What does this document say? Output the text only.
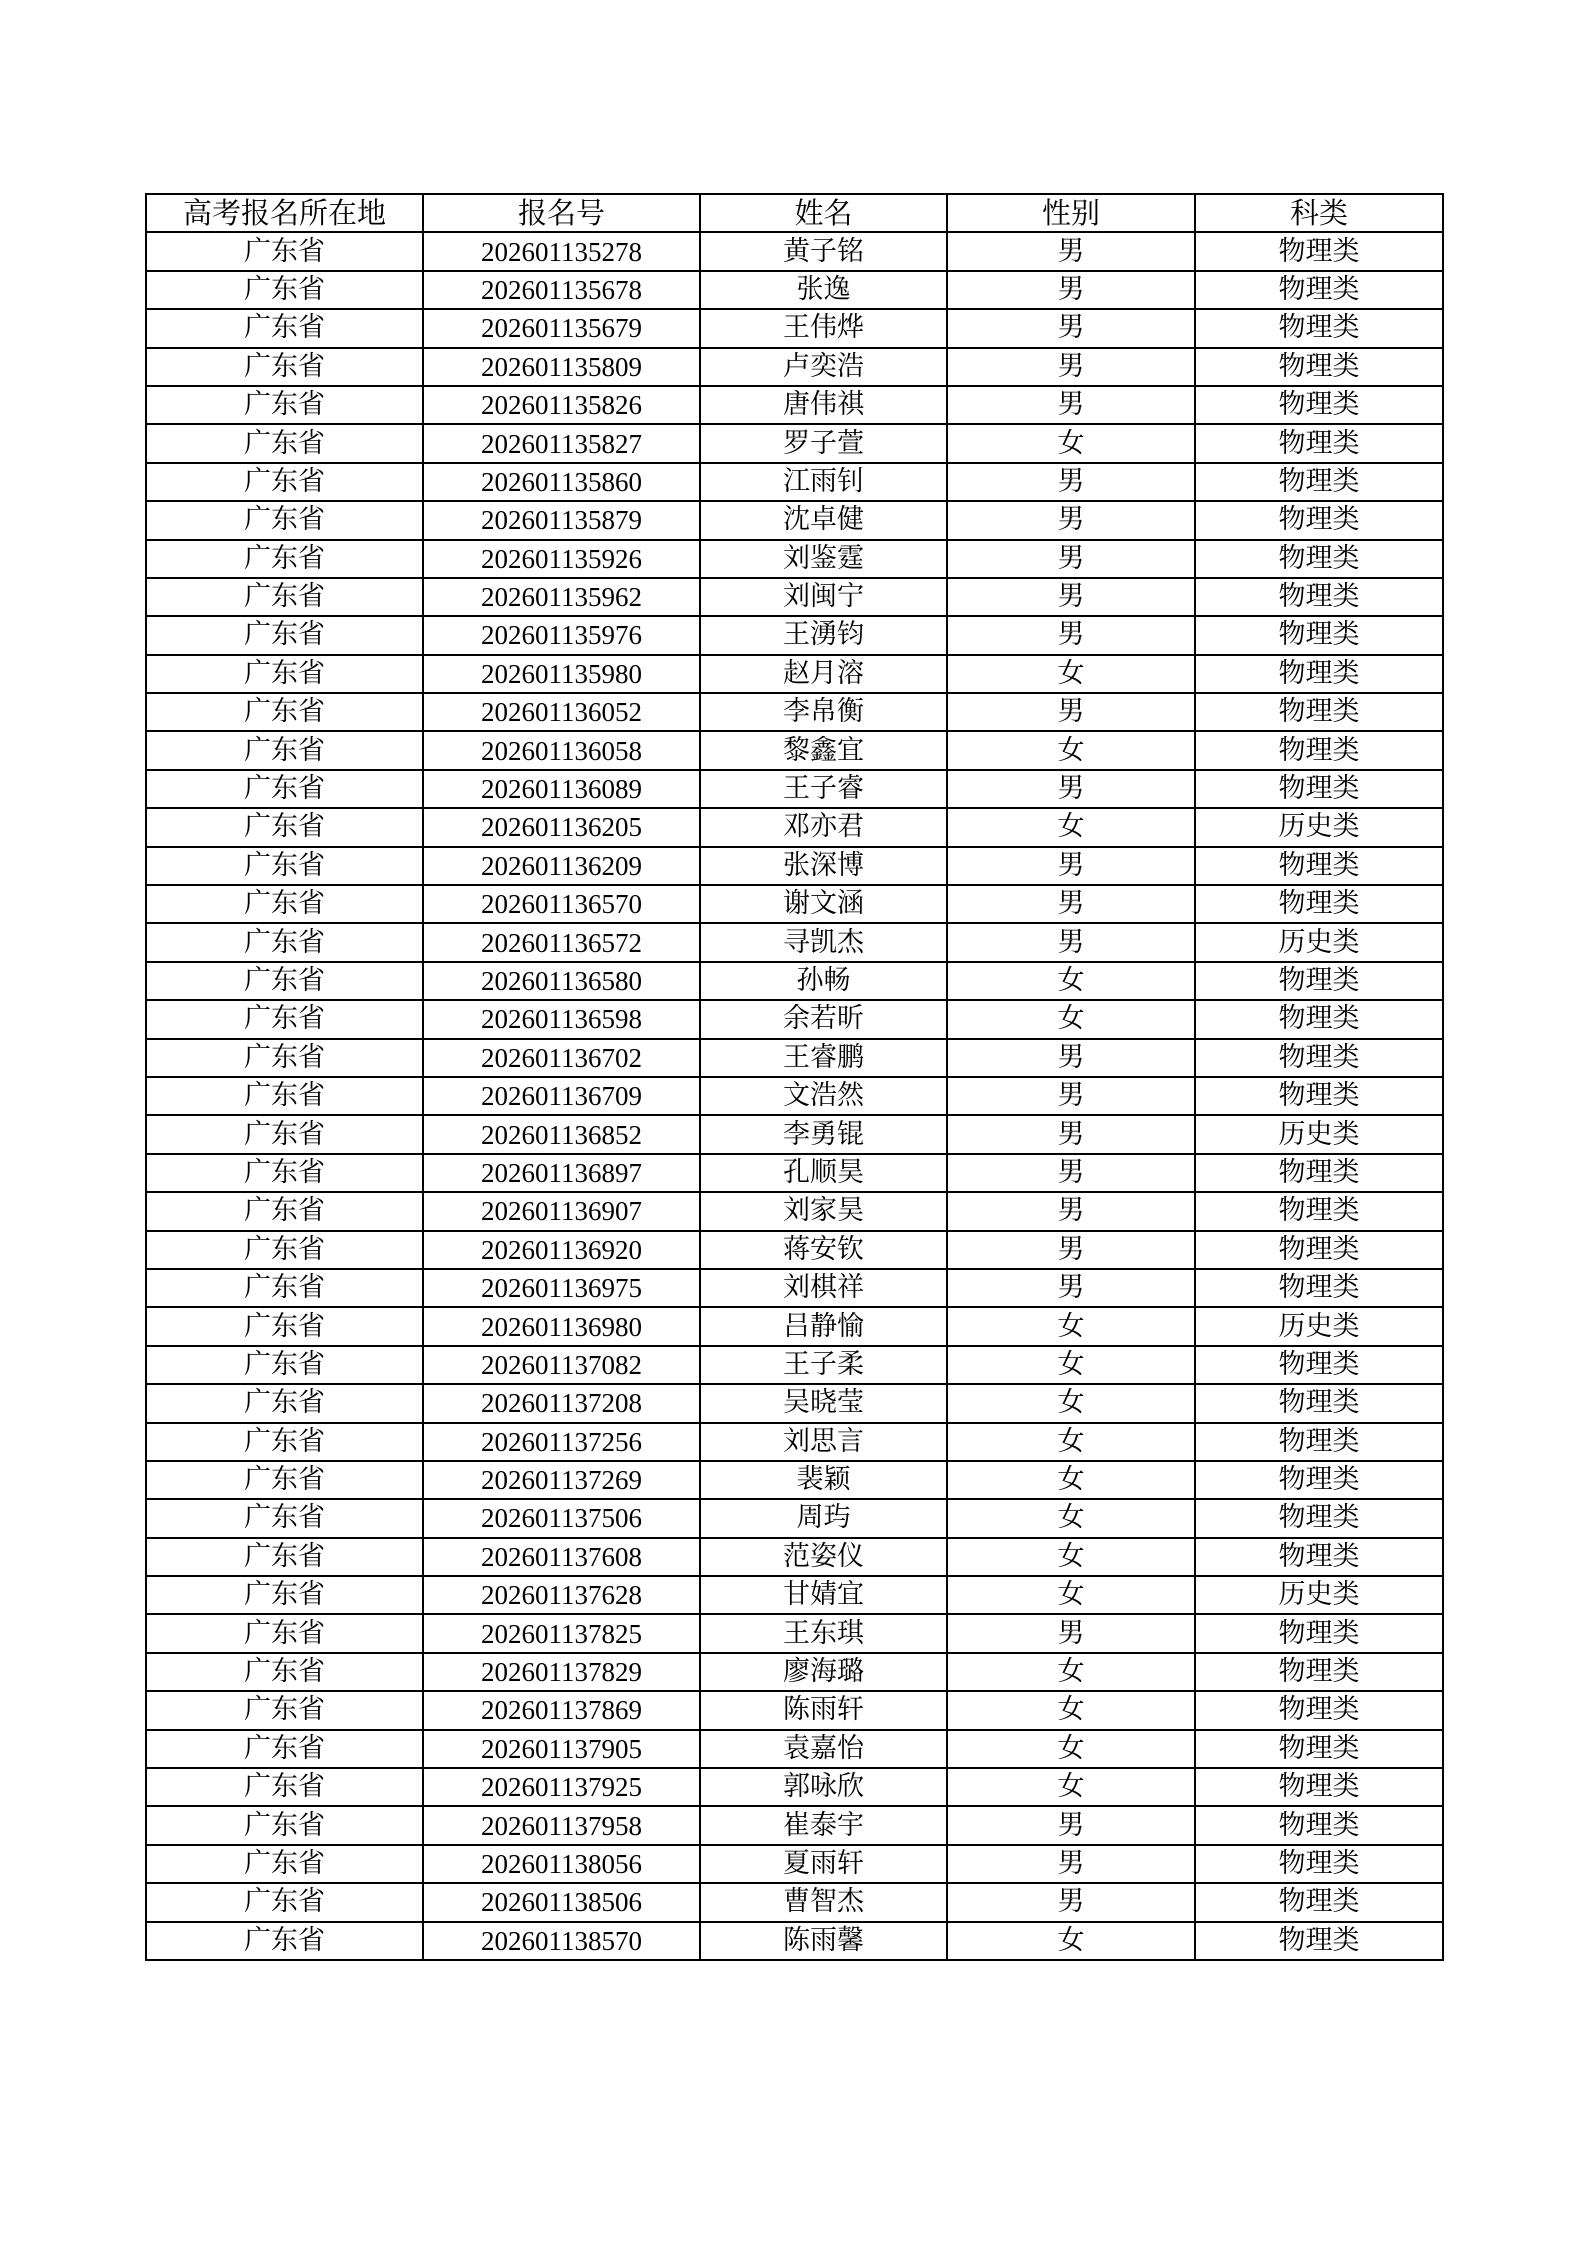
高考报名所在地	报名号	姓名	性别	科类
广东省	202601135278	黄子铭	男	物理类
广东省	202601135678	张逸	男	物理类
广东省	202601135679	王伟烨	男	物理类
广东省	202601135809	卢奕浩	男	物理类
广东省	202601135826	唐伟祺	男	物理类
广东省	202601135827	罗子萱	女	物理类
广东省	202601135860	江雨钊	男	物理类
广东省	202601135879	沈卓健	男	物理类
广东省	202601135926	刘鉴霆	男	物理类
广东省	202601135962	刘闽宁	男	物理类
广东省	202601135976	王湧钧	男	物理类
广东省	202601135980	赵月溶	女	物理类
广东省	202601136052	李帛衡	男	物理类
广东省	202601136058	黎鑫宜	女	物理类
广东省	202601136089	王子睿	男	物理类
广东省	202601136205	邓亦君	女	历史类
广东省	202601136209	张深博	男	物理类
广东省	202601136570	谢文涵	男	物理类
广东省	202601136572	寻凯杰	男	历史类
广东省	202601136580	孙畅	女	物理类
广东省	202601136598	余若昕	女	物理类
广东省	202601136702	王睿鹏	男	物理类
广东省	202601136709	文浩然	男	物理类
广东省	202601136852	李勇锟	男	历史类
广东省	202601136897	孔顺昊	男	物理类
广东省	202601136907	刘家昊	男	物理类
广东省	202601136920	蒋安钦	男	物理类
广东省	202601136975	刘棋祥	男	物理类
广东省	202601136980	吕静愉	女	历史类
广东省	202601137082	王子柔	女	物理类
广东省	202601137208	吴晓莹	女	物理类
广东省	202601137256	刘思言	女	物理类
广东省	202601137269	裴颖	女	物理类
广东省	202601137506	周玙	女	物理类
广东省	202601137608	范姿仪	女	物理类
广东省	202601137628	甘婧宜	女	历史类
广东省	202601137825	王东琪	男	物理类
广东省	202601137829	廖海璐	女	物理类
广东省	202601137869	陈雨轩	女	物理类
广东省	202601137905	袁嘉怡	女	物理类
广东省	202601137925	郭咏欣	女	物理类
广东省	202601137958	崔泰宇	男	物理类
广东省	202601138056	夏雨轩	男	物理类
广东省	202601138506	曹智杰	男	物理类
广东省	202601138570	陈雨馨	女	物理类
